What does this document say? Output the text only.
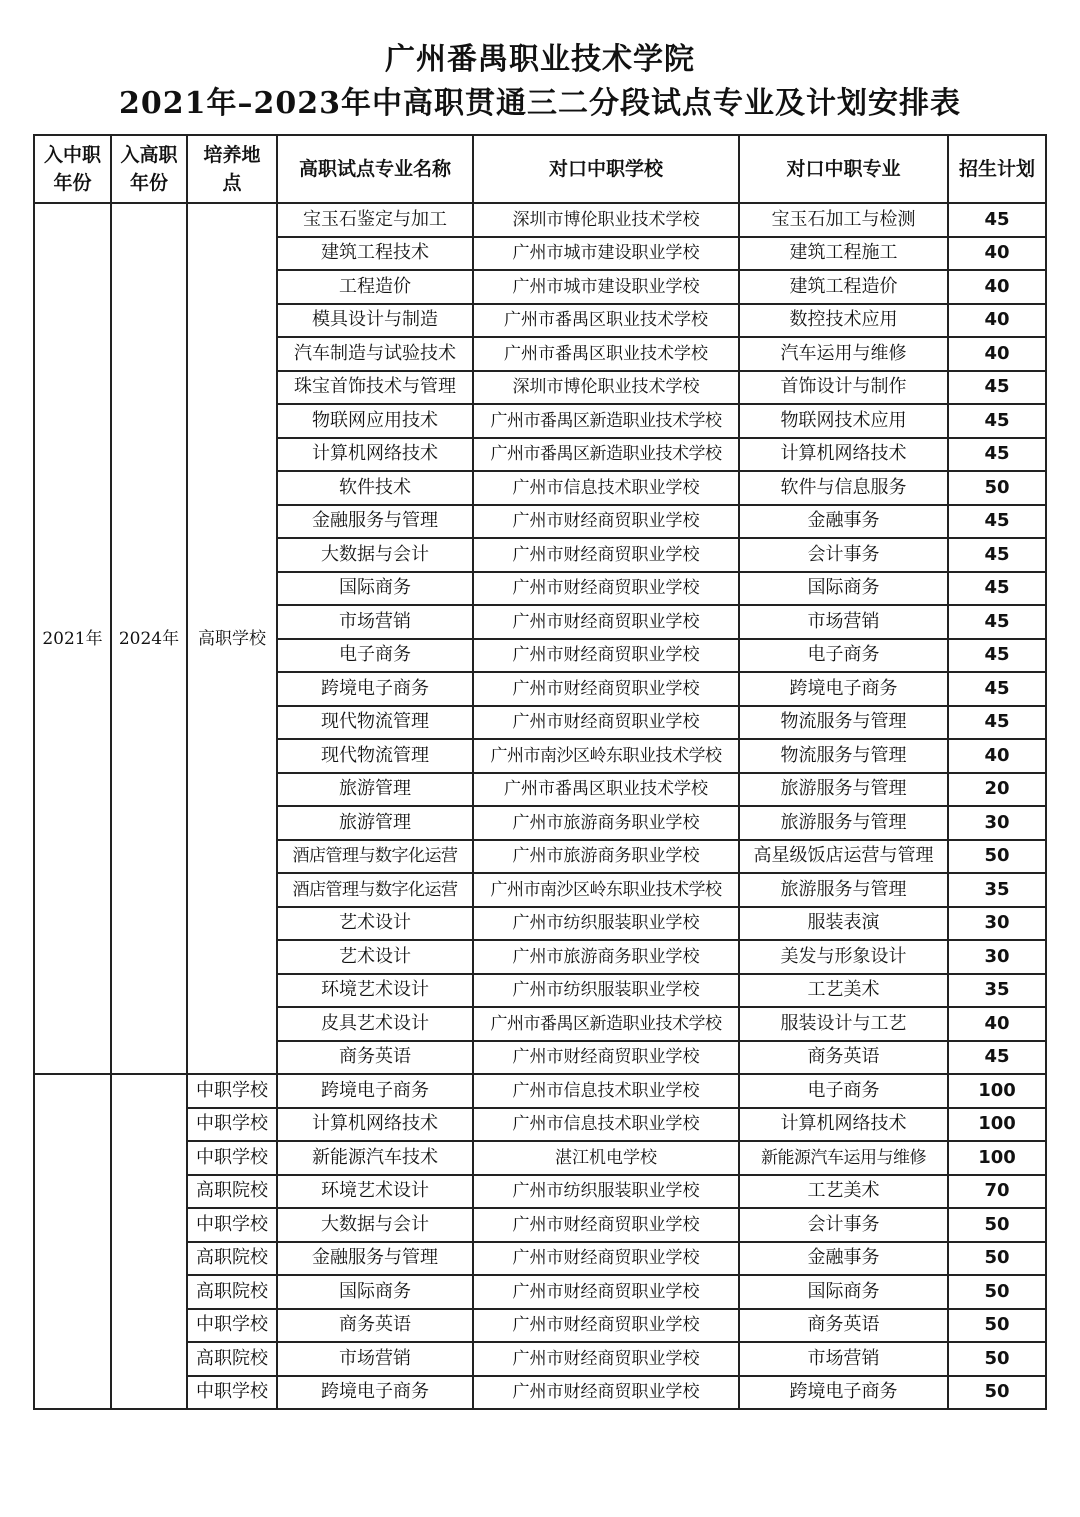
广州番禺职业技术学院
2021年–2023年中高职贯通三二分段试点专业及计划安排表
入中职年份	入高职年份	培养地点	高职试点专业名称	对口中职学校	对口中职专业	招生计划
2021年	2024年	高职学校	宝玉石鉴定与加工	深圳市博伦职业技术学校	宝玉石加工与检测	45
			建筑工程技术	广州市城市建设职业学校	建筑工程施工	40
			工程造价	广州市城市建设职业学校	建筑工程造价	40
			模具设计与制造	广州市番禺区职业技术学校	数控技术应用	40
			汽车制造与试验技术	广州市番禺区职业技术学校	汽车运用与维修	40
			珠宝首饰技术与管理	深圳市博伦职业技术学校	首饰设计与制作	45
			物联网应用技术	广州市番禺区新造职业技术学校	物联网技术应用	45
			计算机网络技术	广州市番禺区新造职业技术学校	计算机网络技术	45
			软件技术	广州市信息技术职业学校	软件与信息服务	50
			金融服务与管理	广州市财经商贸职业学校	金融事务	45
			大数据与会计	广州市财经商贸职业学校	会计事务	45
			国际商务	广州市财经商贸职业学校	国际商务	45
			市场营销	广州市财经商贸职业学校	市场营销	45
			电子商务	广州市财经商贸职业学校	电子商务	45
			跨境电子商务	广州市财经商贸职业学校	跨境电子商务	45
			现代物流管理	广州市财经商贸职业学校	物流服务与管理	45
			现代物流管理	广州市南沙区岭东职业技术学校	物流服务与管理	40
			旅游管理	广州市番禺区职业技术学校	旅游服务与管理	20
			旅游管理	广州市旅游商务职业学校	旅游服务与管理	30
			酒店管理与数字化运营	广州市旅游商务职业学校	高星级饭店运营与管理	50
			酒店管理与数字化运营	广州市南沙区岭东职业技术学校	旅游服务与管理	35
			艺术设计	广州市纺织服装职业学校	服装表演	30
			艺术设计	广州市旅游商务职业学校	美发与形象设计	30
			环境艺术设计	广州市纺织服装职业学校	工艺美术	35
			皮具艺术设计	广州市番禺区新造职业技术学校	服装设计与工艺	40
			商务英语	广州市财经商贸职业学校	商务英语	45
		中职学校	跨境电子商务	广州市信息技术职业学校	电子商务	100
		中职学校	计算机网络技术	广州市信息技术职业学校	计算机网络技术	100
		中职学校	新能源汽车技术	湛江机电学校	新能源汽车运用与维修	100
		高职院校	环境艺术设计	广州市纺织服装职业学校	工艺美术	70
		中职学校	大数据与会计	广州市财经商贸职业学校	会计事务	50
		高职院校	金融服务与管理	广州市财经商贸职业学校	金融事务	50
		高职院校	国际商务	广州市财经商贸职业学校	国际商务	50
		中职学校	商务英语	广州市财经商贸职业学校	商务英语	50
		高职院校	市场营销	广州市财经商贸职业学校	市场营销	50
		中职学校	跨境电子商务	广州市财经商贸职业学校	跨境电子商务	50
